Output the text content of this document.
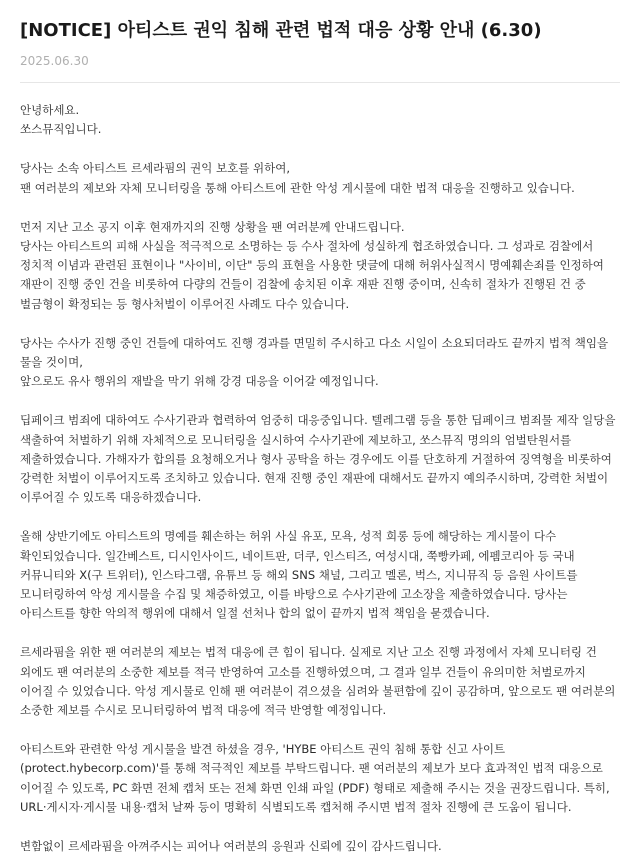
[NOTICE] 아티스트 권익 침해 관련 법적 대응 상황 안내 (6.30)
2025.06.30
안녕하세요.
쏘스뮤직입니다.
당사는 소속 아티스트 르세라핌의 권익 보호를 위하여,
팬 여러분의 제보와 자체 모니터링을 통해 아티스트에 관한 악성 게시물에 대한 법적 대응을 진행하고 있습니다.
먼저 지난 고소 공지 이후 현재까지의 진행 상황을 팬 여러분께 안내드립니다.
당사는 아티스트의 피해 사실을 적극적으로 소명하는 등 수사 절차에 성실하게 협조하였습니다. 그 성과로 검찰에서 정치적 이념과 관련된 표현이나 "사이비, 이단" 등의 표현을 사용한 댓글에 대해 허위사실적시 명예훼손죄를 인정하여 재판이 진행 중인 건을 비롯하여 다량의 건들이 검찰에 송치된 이후 재판 진행 중이며, 신속히 절차가 진행된 건 중 벌금형이 확정되는 등 형사처벌이 이루어진 사례도 다수 있습니다.
당사는 수사가 진행 중인 건들에 대하여도 진행 경과를 면밀히 주시하고 다소 시일이 소요되더라도 끝까지 법적 책임을 물을 것이며,
앞으로도 유사 행위의 재발을 막기 위해 강경 대응을 이어갈 예정입니다.
딥페이크 범죄에 대하여도 수사기관과 협력하여 엄중히 대응중입니다. 텔레그램 등을 통한 딥페이크 범죄물 제작 일당을 색출하여 처벌하기 위해 자체적으로 모니터링을 실시하여 수사기관에 제보하고, 쏘스뮤직 명의의 엄벌탄원서를 제출하였습니다. 가해자가 합의를 요청해오거나 형사 공탁을 하는 경우에도 이를 단호하게 거절하여 징역형을 비롯하여 강력한 처벌이 이루어지도록 조치하고 있습니다. 현재 진행 중인 재판에 대해서도 끝까지 예의주시하며, 강력한 처벌이 이루어질 수 있도록 대응하겠습니다.
올해 상반기에도 아티스트의 명예를 훼손하는 허위 사실 유포, 모욕, 성적 희롱 등에 해당하는 게시물이 다수 확인되었습니다. 일간베스트, 디시인사이드, 네이트판, 더쿠, 인스티즈, 여성시대, 쭉빵카페, 에펨코리아 등 국내 커뮤니티와 X(구 트위터), 인스타그램, 유튜브 등 해외 SNS 채널, 그리고 멜론, 벅스, 지니뮤직 등 음원 사이트를 모니터링하여 악성 게시물을 수집 및 채증하였고, 이를 바탕으로 수사기관에 고소장을 제출하였습니다. 당사는 아티스트를 향한 악의적 행위에 대해서 일절 선처나 합의 없이 끝까지 법적 책임을 묻겠습니다.
르세라핌을 위한 팬 여러분의 제보는 법적 대응에 큰 힘이 됩니다. 실제로 지난 고소 진행 과정에서 자체 모니터링 건 외에도 팬 여러분의 소중한 제보를 적극 반영하여 고소를 진행하였으며, 그 결과 일부 건들이 유의미한 처벌로까지 이어질 수 있었습니다. 악성 게시물로 인해 팬 여러분이 겪으셨을 심려와 불편함에 깊이 공감하며, 앞으로도 팬 여러분의 소중한 제보를 수시로 모니터링하여 법적 대응에 적극 반영할 예정입니다.
아티스트와 관련한 악성 게시물을 발견 하셨을 경우, 'HYBE 아티스트 권익 침해 통합 신고 사이트 (protect.hybecorp.com)'를 통해 적극적인 제보를 부탁드립니다. 팬 여러분의 제보가 보다 효과적인 법적 대응으로 이어질 수 있도록, PC 화면 전체 캡처 또는 전체 화면 인쇄 파일 (PDF) 형태로 제출해 주시는 것을 권장드립니다. 특히, URL·게시자·게시물 내용·캡처 날짜 등이 명확히 식별되도록 캡처해 주시면 법적 절차 진행에 큰 도움이 됩니다.
변함없이 르세라핌을 아껴주시는 피어나 여러분의 응원과 신뢰에 깊이 감사드립니다.
